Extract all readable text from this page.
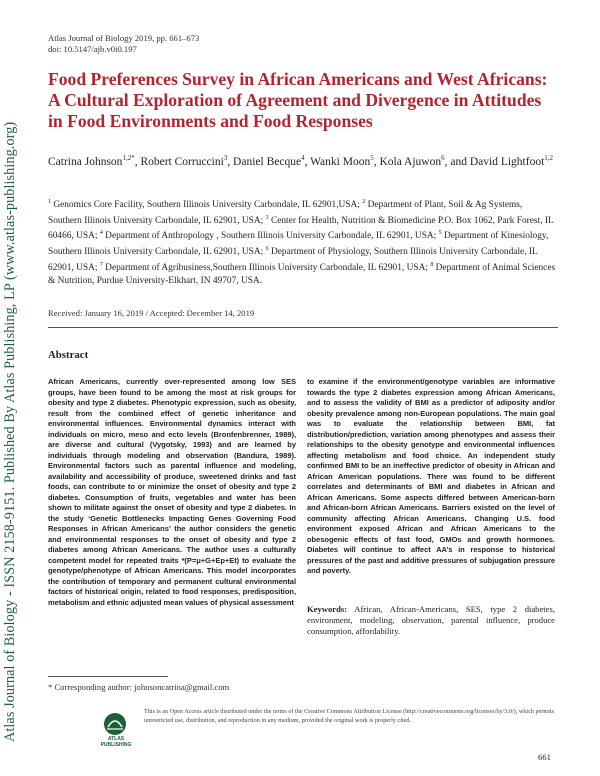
Atlas Journal of Biology - ISSN 2158-9151. Published By Atlas Publishing, LP (www.atlas-publishing.org)
Atlas Journal of Biology 2019, pp. 661–673
doi: 10.5147/ajb.v0i0.197
Food Preferences Survey in African Americans and West Africans: A Cultural Exploration of Agreement and Divergence in Attitudes in Food Environments and Food Responses
Catrina Johnson$^{1,2*}$, Robert Corruccini$^3$, Daniel Becque$^4$, Wanki Moon$^5$, Kola Ajuwon$^6$, and David Lightfoot$^{1,2}$
$^1$ Genomics Core Facility, Southern Illinois University Carbondale, IL 62901,USA; $^2$ Department of Plant, Soil & Ag Systems, Southern Illinois University Carbondale, IL 62901, USA; $^3$ Center for Health, Nutrition & Biomedicine P.O. Box 1062, Park Forest, IL 60466, USA; $^4$ Department of Anthropology , Southern Illinois University Carbondale, IL 62901, USA; $^5$ Department of Kinesiology, Southern Illinois University Carbondale, IL 62901, USA; $^6$ Department of Physiology, Southern Illinois University Carbondale, IL 62901, USA; $^7$ Department of Agribusiness,Southern Illinois University Carbondale, IL 62901, USA; $^8$ Department of Animal Sciences & Nutrition, Purdue University-Elkhart, IN 49707, USA.
Received: January 16, 2019 / Accepted: December 14, 2019
Abstract
African Americans, currently over-represented among low SES groups, have been found to be among the most at risk groups for obesity and type 2 diabetes. Phenotypic expression, such as obesity, result from the combined effect of genetic inheritance and environmental influences. Environmental dynamics interact with individuals on micro, meso and ecto levels (Bronfenbrenner, 1989), are diverse and cultural (Vygotsky, 1993) and are learned by individuals through modeling and observation (Bandura, 1989). Environmental factors such as parental influence and modeling, availability and accessibility of produce, sweetened drinks and fast foods, can contribute to or minimize the onset of obesity and type 2 diabetes. Consumption of fruits, vegetables and water has been shown to militate against the onset of obesity and type 2 diabetes. In the study ‘Genetic Bottlenecks Impacting Genes Governing Food Responses in African Americans’ the author considers the genetic and environmental responses to the onset of obesity and type 2 diabetes among African Americans. The author uses a culturally competent model for repeated traits *(P=μ+G+Ep+Et) to evaluate the genotype/phenotype of African Americans. This model incorporates the contribution of temporary and permanent cultural environmental factors of historical origin, related to food responses, predisposition, metabolism and ethnic adjusted mean values of physical assessment
to examine if the environment/genotype variables are informative towards the type 2 diabetes expression among African Americans, and to assess the validity of BMI as a predictor of adiposity and/or obesity prevalence among non-European populations. The main goal was to evaluate the relationship between BMI, fat distribution/prediction, variation among phenotypes and assess their relationships to the obesity genotype and environmental influences affecting metabolism and food choice. An independent study confirmed BMI to be an ineffective predictor of obesity in African and African American populations. There was found to be different correlates and determinants of BMI and diabetes in African and African Americans. Some aspects differed between American-born and African-born African Americans. Barriers existed on the level of community affecting African Americans. Changing U.S. food environment exposed African and African Americans to the obesogenic effects of fast food, GMOs and growth hormones. Diabetes will continue to affect AA’s in response to historical pressures of the past and additive pressures of subjugation pressure and poverty.
Keywords: African, African-Americans, SES, type 2 diabetes, environment, modeling, observation, parental influence, produce consumption, affordability.
* Corresponding author: johnsoncatrina@gmail.com
ATLAS PUBLISHING
This is an Open Access article distributed under the terms of the Creative Commons Attribution License (http://creativecommons.org/licenses/by/3.0/), which permits unrestricted use, distribution, and reproduction in any medium, provided the original work is properly cited.
661
